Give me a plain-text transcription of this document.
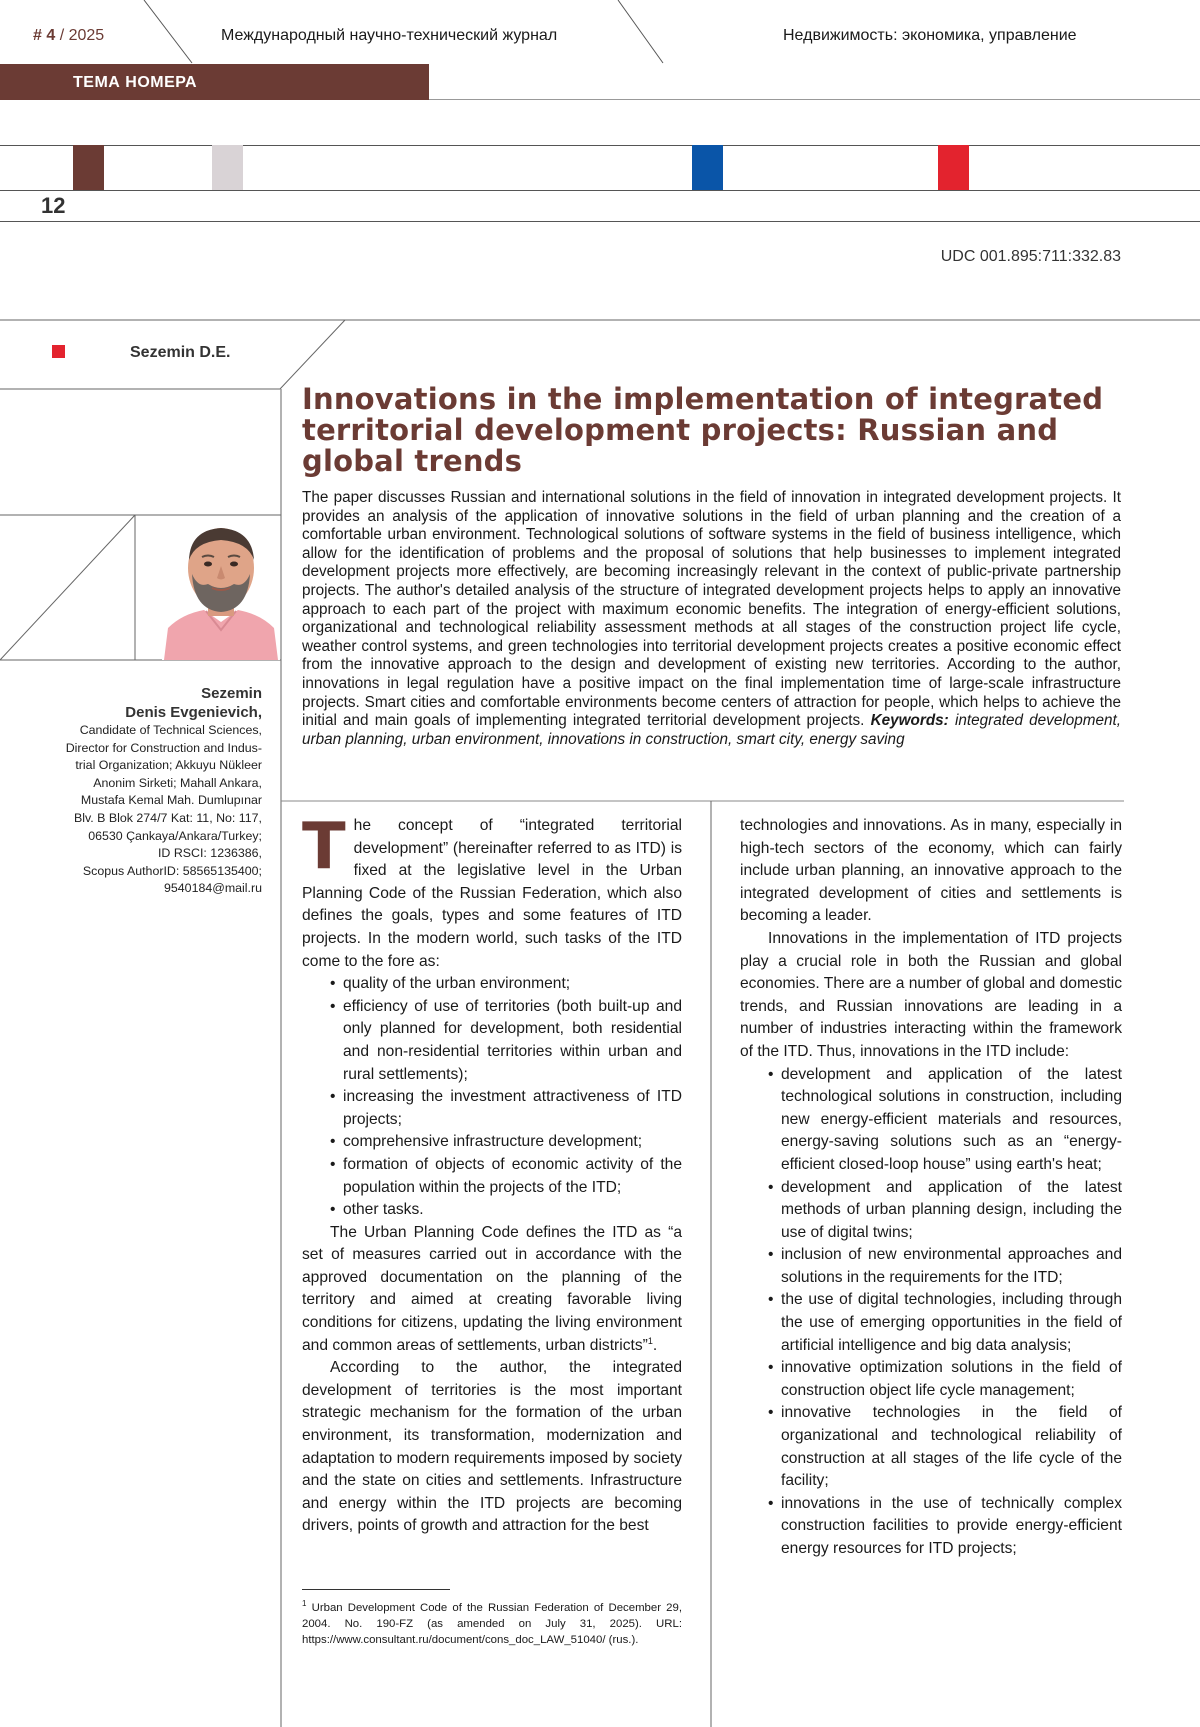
# 4 / 2025	Международный научно-технический журнал	Недвижимость: экономика, управление
ТЕМА НОМЕРА
12
UDC 001.895:711:332.83
Sezemin D.E.
Innovations in the implementation of integrated territorial development projects: Russian and global trends
The paper discusses Russian and international solutions in the field of innovation in integrated development projects. It provides an analysis of the application of innovative solutions in the field of urban planning and the creation of a comfortable urban environment. Technological solutions of software systems in the field of business intelligence, which allow for the identification of problems and the proposal of solutions that help businesses to implement integrated development projects more effectively, are becoming increasingly relevant in the context of public-private partnership projects. The author's detailed analysis of the structure of integrated development projects helps to apply an innovative approach to each part of the project with maximum economic benefits. The integration of energy-efficient solutions, organizational and technological reliability assessment methods at all stages of the construction project life cycle, weather control systems, and green technologies into territorial development projects creates a positive economic effect from the innovative approach to the design and development of existing new territories. According to the author, innovations in legal regulation have a positive impact on the final implementation time of large-scale infrastructure projects. Smart cities and comfortable environments become centers of attraction for people, which helps to achieve the initial and main goals of implementing integrated territorial development projects. Keywords: integrated development, urban planning, urban environment, innovations in construction, smart city, energy saving
Sezemin
Denis Evgenievich,
Candidate of Technical Sciences,
Director for Construction and Indus-
trial Organization; Akkuyu Nükleer
Anonim Sirketi; Mahall Ankara,
Mustafa Kemal Mah. Dumlupınar
Blv. B Blok 274/7 Kat: 11, No: 117,
06530 Çankaya/Ankara/Turkey;
ID RSCI: 1236386,
Scopus AuthorID: 58565135400;
9540184@mail.ru

The concept of “integrated territorial development” (hereinafter referred to as ITD) is fixed at the legislative level in the Urban Planning Code of the Russian Federation, which also defines the goals, types and some features of ITD projects. In the modern world, such tasks of the ITD come to the fore as:

• quality of the urban environment;
• efficiency of use of territories (both built-up and only planned for development, both residential and non-residential territories within urban and rural settlements);
• increasing the investment attractiveness of ITD projects;
• comprehensive infrastructure development;
• formation of objects of economic activity of the population within the projects of the ITD;
• other tasks.

The Urban Planning Code defines the ITD as “a set of measures carried out in accordance with the approved documentation on the planning of the territory and aimed at creating favorable living conditions for citizens, updating the living environment and common areas of settlements, urban districts”$^1$.

According to the author, the integrated development of territories is the most important strategic mechanism for the formation of the urban environment, its transformation, modernization and adaptation to modern requirements imposed by society and the state on cities and settlements. Infrastructure and energy within the ITD projects are becoming drivers, points of growth and attraction for the best

$^1$ Urban Development Code of the Russian Federation of December 29, 2004. No. 190-FZ (as amended on July 31, 2025). URL: https://www.consultant.ru/document/cons_doc_LAW_51040/ (rus.).

technologies and innovations. As in many, especially in high-tech sectors of the economy, which can fairly include urban planning, an innovative approach to the integrated development of cities and settlements is becoming a leader.

Innovations in the implementation of ITD projects play a crucial role in both the Russian and global economies. There are a number of global and domestic trends, and Russian innovations are leading in a number of industries interacting within the framework of the ITD. Thus, innovations in the ITD include:

• development and application of the latest technological solutions in construction, including new energy-efficient materials and resources, energy-saving solutions such as an “energy-efficient closed-loop house” using earth's heat;
• development and application of the latest methods of urban planning design, including the use of digital twins;
• inclusion of new environmental approaches and solutions in the requirements for the ITD;
• the use of digital technologies, including through the use of emerging opportunities in the field of artificial intelligence and big data analysis;
• innovative optimization solutions in the field of construction object life cycle management;
• innovative technologies in the field of organizational and technological reliability of construction at all stages of the life cycle of the facility;
• innovations in the use of technically complex construction facilities to provide energy-efficient energy resources for ITD projects;
